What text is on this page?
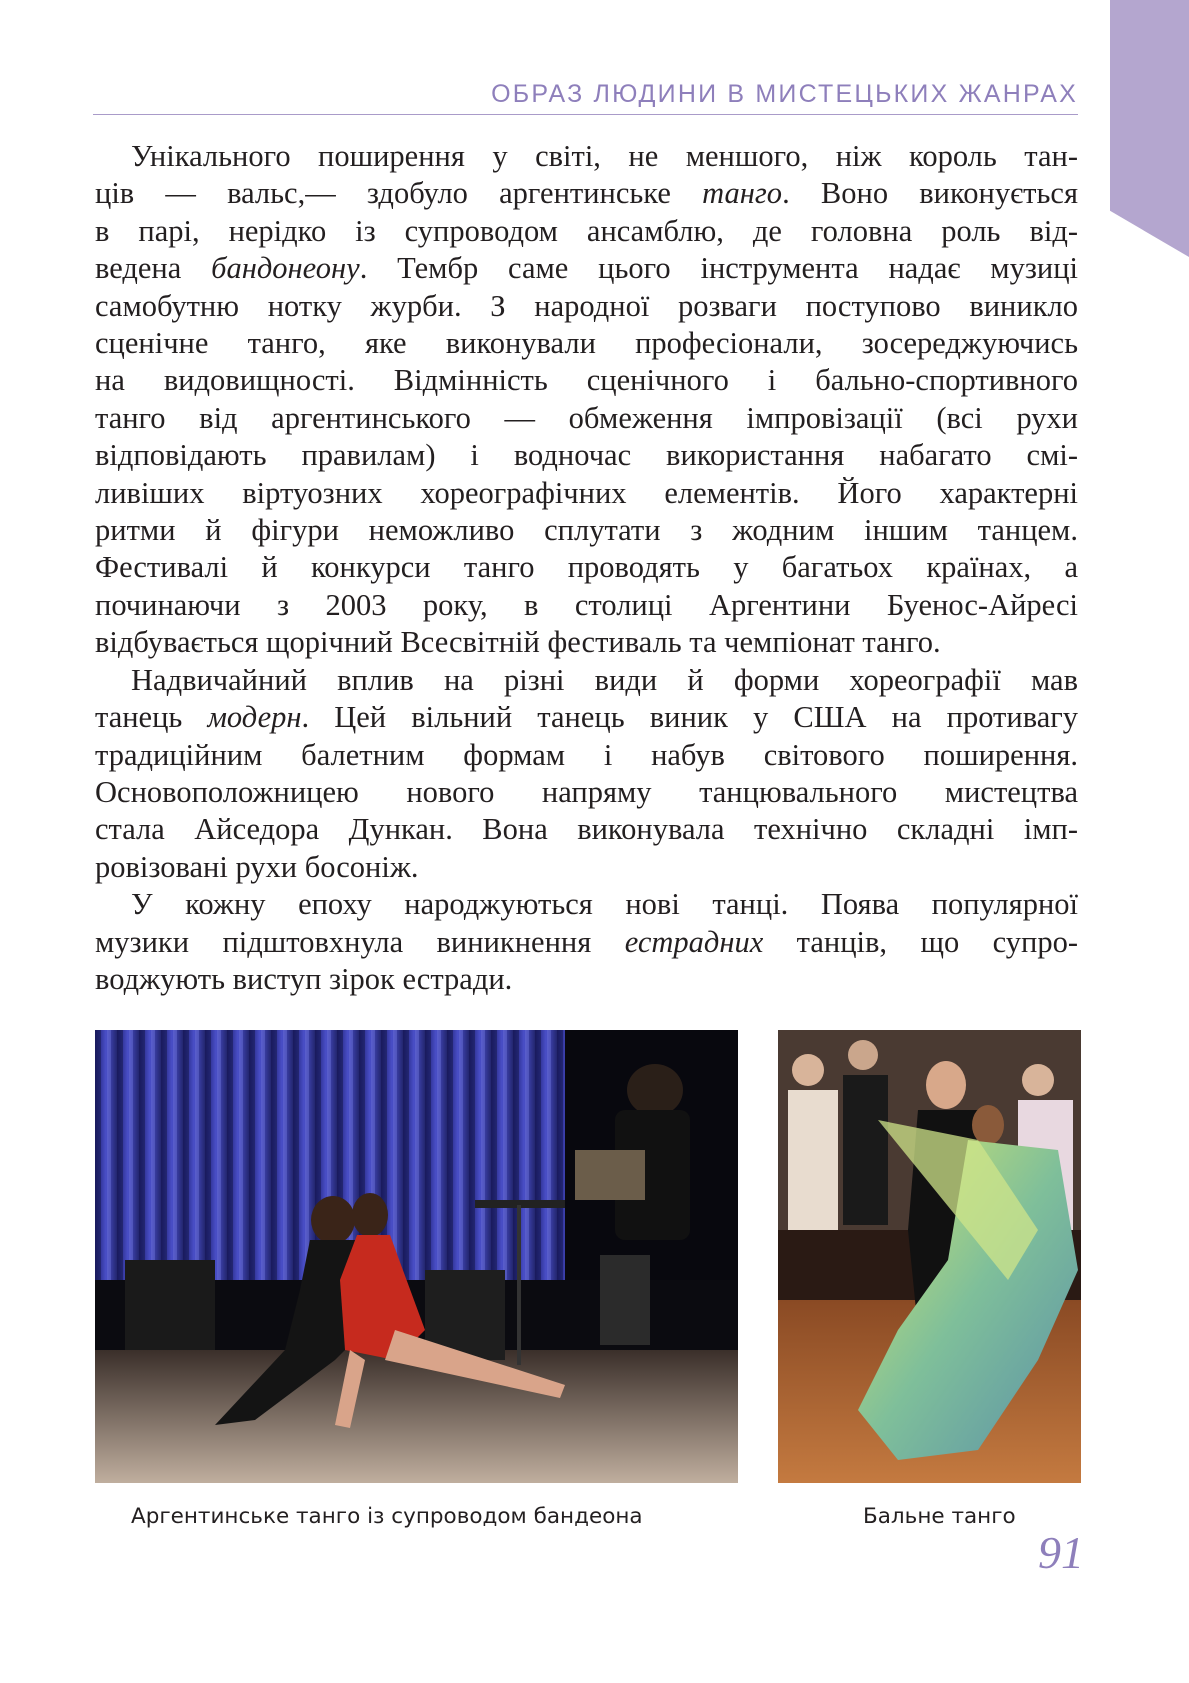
ОБРАЗ ЛЮДИНИ В МИСТЕЦЬКИХ ЖАНРАХ
Унікального поширення у світі, не меншого, ніж король тан-
ців — вальс,— здобуло аргентинське танго. Воно виконується
в парі, нерідко із супроводом ансамблю, де головна роль від-
ведена бандонеону. Тембр саме цього інструмента надає музиці
самобутню нотку журби. З народної розваги поступово виникло
сценічне танго, яке виконували професіонали, зосереджуючись
на видовищності. Відмінність сценічного і бально-спортивного
танго від аргентинського — обмеження імпровізації (всі рухи
відповідають правилам) і водночас використання набагато смі-
ливіших віртуозних хореографічних елементів. Його характерні
ритми й фігури неможливо сплутати з жодним іншим танцем.
Фестивалі й конкурси танго проводять у багатьох країнах, а
починаючи з 2003 року, в столиці Аргентини Буенос-Айресі
відбувається щорічний Всесвітній фестиваль та чемпіонат танго.
Надвичайний вплив на різні види й форми хореографії мав
танець модерн. Цей вільний танець виник у США на противагу
традиційним балетним формам і набув світового поширення.
Основоположницею нового напряму танцювального мистецтва
стала Айседора Дункан. Вона виконувала технічно складні імп-
ровізовані рухи босоніж.
У кожну епоху народжуються нові танці. Поява популярної
музики підштовхнула виникнення естрадних танців, що супро-
воджують виступ зірок естради.
Аргентинське танго із супроводом бандеона	Бальне танго
91
